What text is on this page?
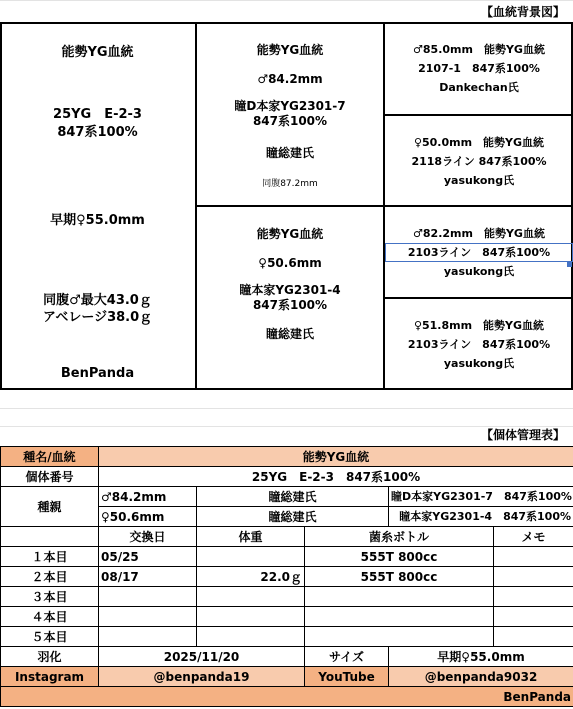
【血統背景図】
能勢YG血統
25YG　E-2-3
847系100%
早期♀55.0mm
同腹♂最大43.0ｇ
アベレージ38.0ｇ
BenPanda
能勢YG血統
♂84.2mm
瞳D本家YG2301-7
847系100%
瞳総建氏
同腹87.2mm
能勢YG血統
♀50.6mm
瞳本家YG2301-4
847系100%
瞳総建氏
♂85.0mm　能勢YG血統
2107-1　847系100%
Dankechan氏
♀50.0mm　能勢YG血統
2118ライン 847系100%
yasukong氏
♂82.2mm　能勢YG血統
2103ライン　847系100%
yasukong氏
♀51.8mm　能勢YG血統
2103ライン　847系100%
yasukong氏
【個体管理表】
種名/血統	能勢YG血統				
個体番号	25YG　E-2-3　847系100%				
種親	♂84.2mm	瞳総建氏		瞳D本家YG2301-7　847系100%	
	♀50.6mm	瞳総建氏		瞳本家YG2301-4　847系100%	
	交換日	体重	菌糸ボトル		メモ
１本目	05/25		555T 800cc		
２本目	08/17	22.0ｇ	555T 800cc		
３本目					
４本目					
５本目					
羽化	2025/11/20		サイズ	早期♀55.0mm	
Instagram	@benpanda19		YouTube	@benpanda9032	
BenPanda					
